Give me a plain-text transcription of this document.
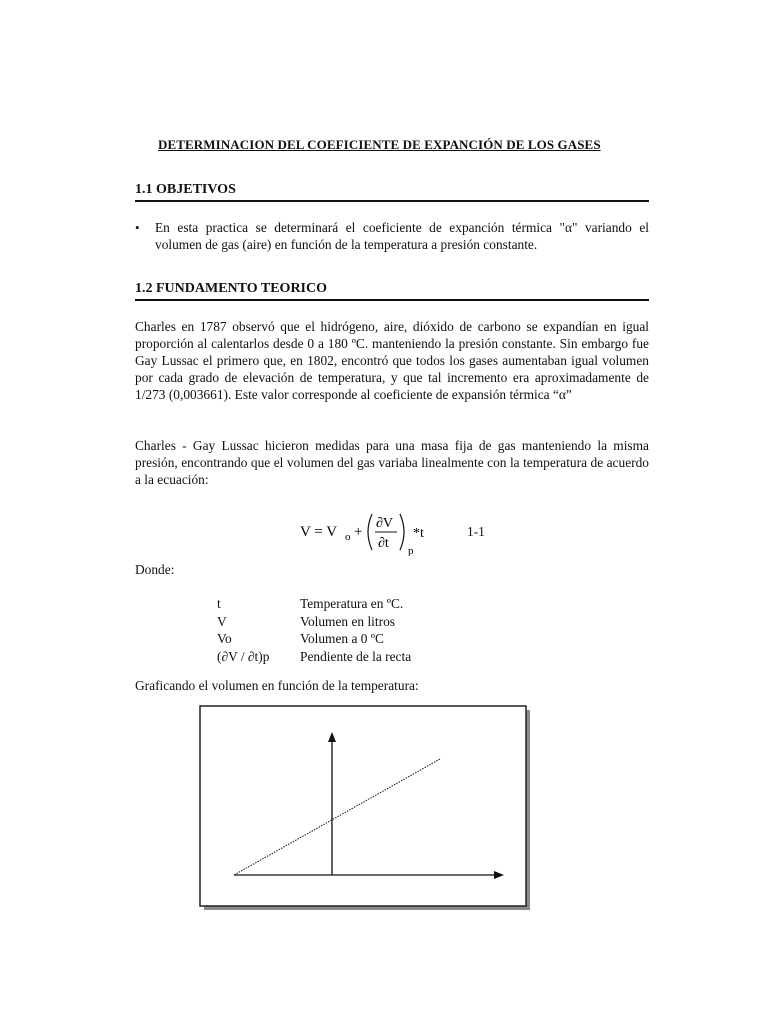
DETERMINACION DEL COEFICIENTE DE EXPANCIÓN DE LOS GASES
1.1 OBJETIVOS
• En esta practica se determinará el coeficiente de expanción térmica "α" variando el volumen de gas (aire) en función de la temperatura a presión constante.
1.2 FUNDAMENTO TEORICO
Charles en 1787 observó que el hidrógeno, aire, dióxido de carbono se expandían en igual proporción al calentarlos desde 0 a 180 ºC. manteniendo la presión constante. Sin embargo fue Gay Lussac el primero que, en 1802, encontró que todos los gases aumentaban igual volumen por cada grado de elevación de temperatura, y que tal incremento era aproximadamente de 1/273 (0,003661). Este valor corresponde al coeficiente de expansión térmica “α”
Charles - Gay Lussac hicieron medidas para una masa fija de gas manteniendo la misma presión, encontrando que el volumen del gas variaba linealmente con la temperatura de acuerdo a la ecuación:
V = V o +
∂V
∂t p
*t	1-1
Donde:
t	Temperatura en ºC.
V	Volumen en litros
Vo	Volumen a 0 ºC
(∂V / ∂t)p	Pendiente de la recta
Graficando el volumen en función de la temperatura:
